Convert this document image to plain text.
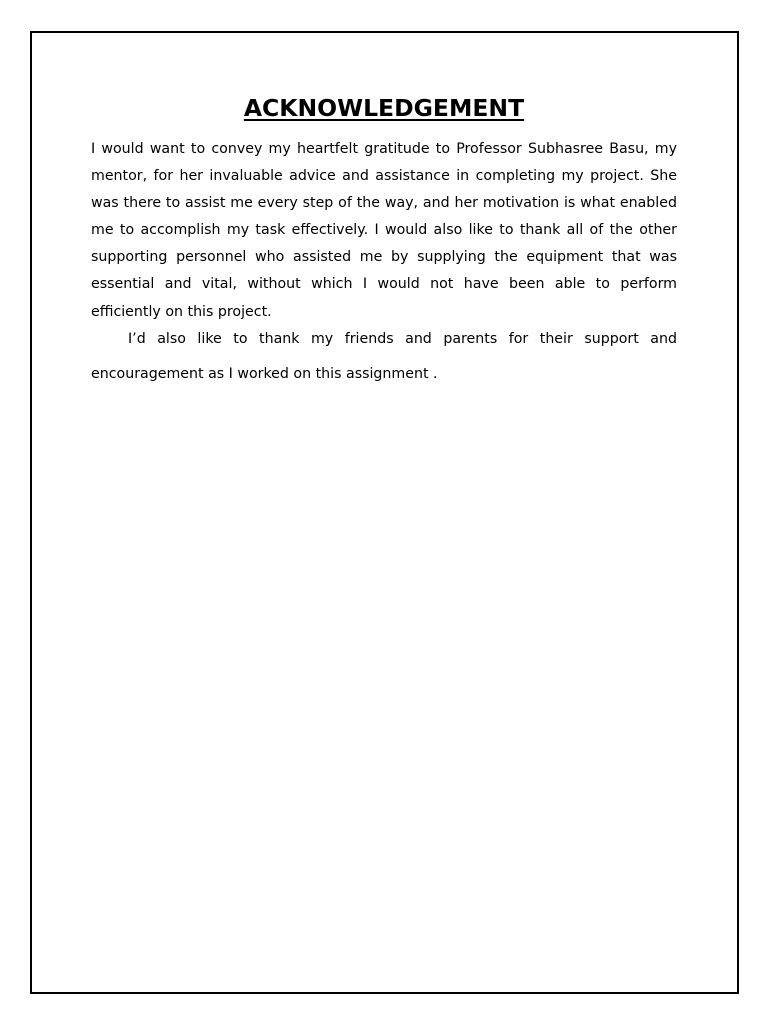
ACKNOWLEDGEMENT

I would want to convey my heartfelt gratitude to Professor Subhasree Basu, my mentor, for her invaluable advice and assistance in completing my project. She was there to assist me every step of the way, and her motivation is what enabled me to accomplish my task effectively. I would also like to thank all of the other supporting personnel who assisted me by supplying the equipment that was essential and vital, without which I would not have been able to perform efficiently on this project.

I’d also like to thank my friends and parents for their support and
encouragement as I worked on this assignment .
